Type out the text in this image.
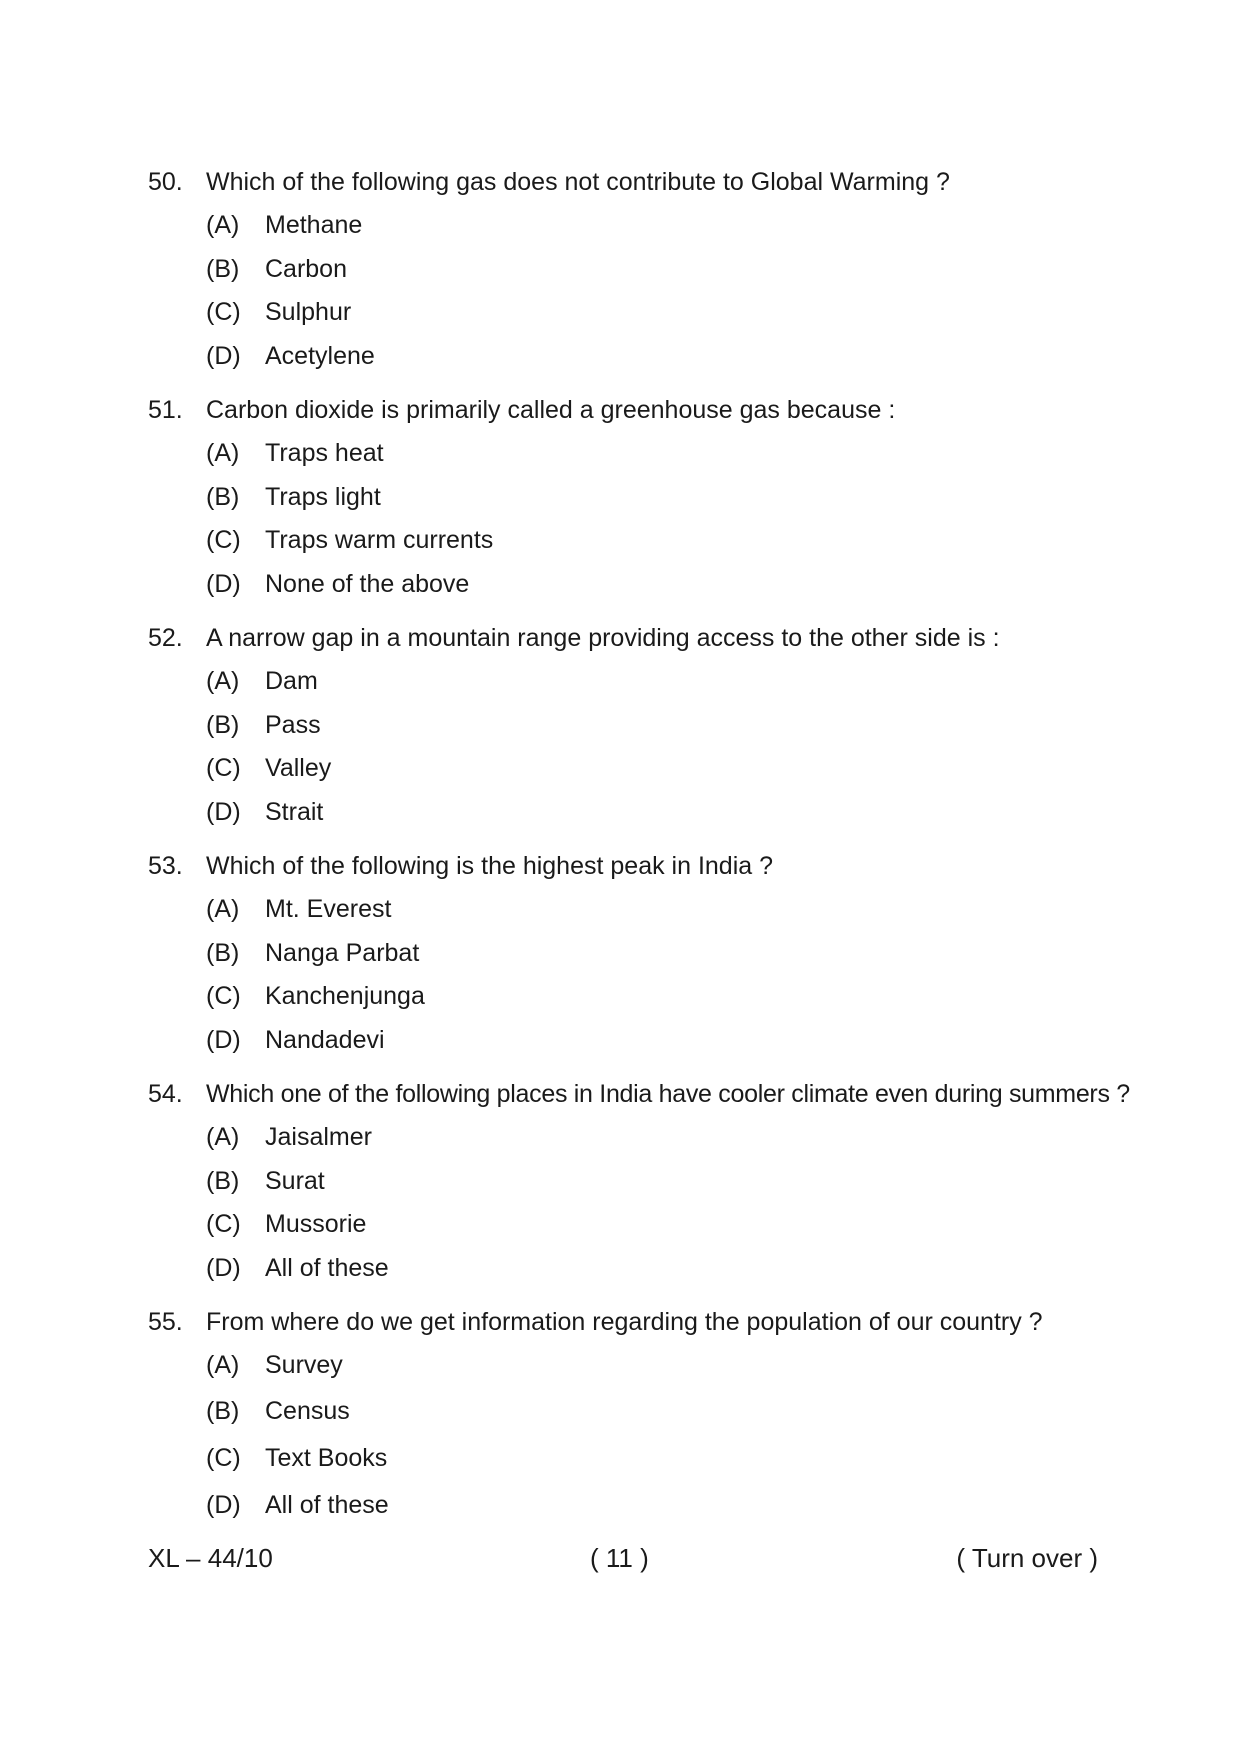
50. Which of the following gas does not contribute to Global Warming ?
(A)	Methane
(B)	Carbon
(C) Sulphur
(D) Acetylene
51. Carbon dioxide is primarily called a greenhouse gas because :
(A)	Traps heat
(B)	Traps light
(C) Traps warm currents
(D) None of the above
52. A narrow gap in a mountain range providing access to the other side is :
(A)	Dam
(B)	Pass
(C) Valley
(D) Strait
53. Which of the following is the highest peak in India ?
(A)	Mt. Everest
(B)	Nanga Parbat
(C) Kanchenjunga
(D) Nandadevi
54. Which one of the following places in India have cooler climate even during summers ?
(A)	Jaisalmer
(B)	Surat
(C) Mussorie
(D) All of these
55. From where do we get information regarding the population of our country ?
(A)	Survey
(B)	Census
(C) Text Books
(D) All of these
XL – 44/10	( 11 )	( Turn over )
